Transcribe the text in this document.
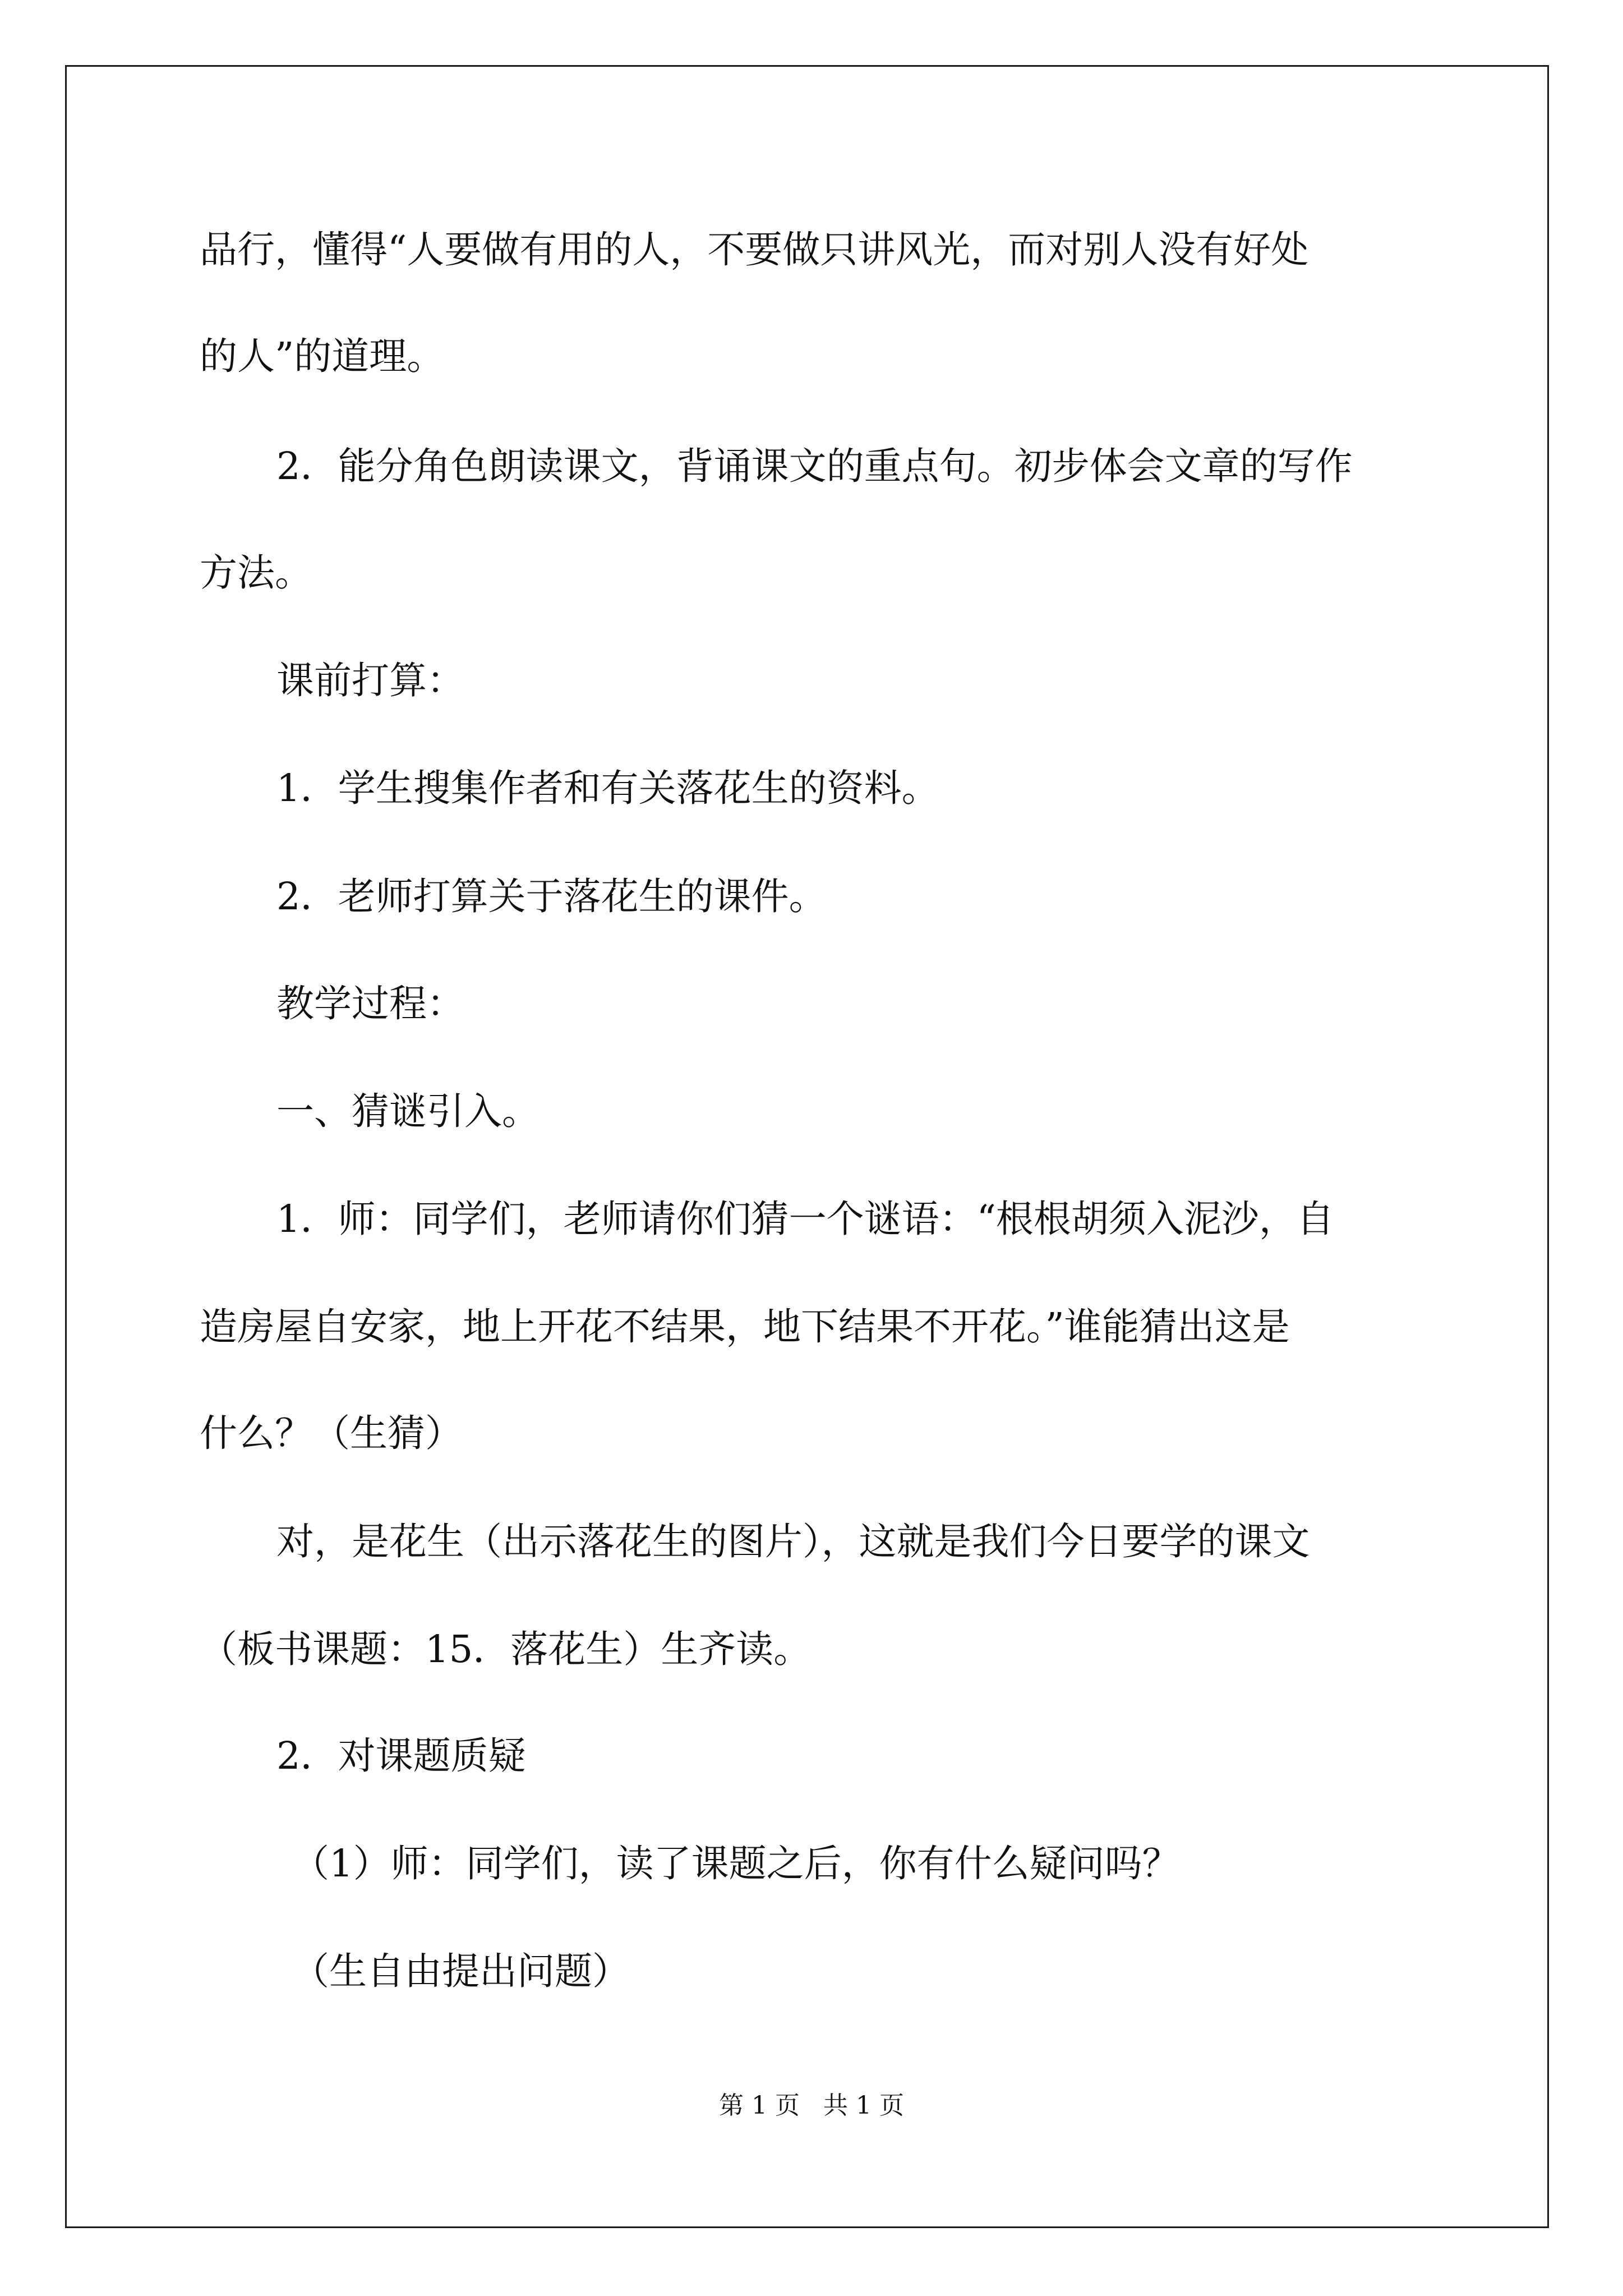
品行，懂得“人要做有用的人，不要做只讲风光，而对别人没有好处
的人”的道理。
2．能分角色朗读课文，背诵课文的重点句。初步体会文章的写作
方法。
课前打算：
1．学生搜集作者和有关落花生的资料。
2．老师打算关于落花生的课件。
教学过程：
一、猜谜引入。
1．师：同学们，老师请你们猜一个谜语：“根根胡须入泥沙，自
造房屋自安家，地上开花不结果，地下结果不开花。”谁能猜出这是
什么？（生猜）
对，是花生（出示落花生的图片），这就是我们今日要学的课文
（板书课题：15．落花生）生齐读。
2．对课题质疑
（1）师：同学们，读了课题之后，你有什么疑问吗？
（生自由提出问题）
第 1 页   共 1 页
